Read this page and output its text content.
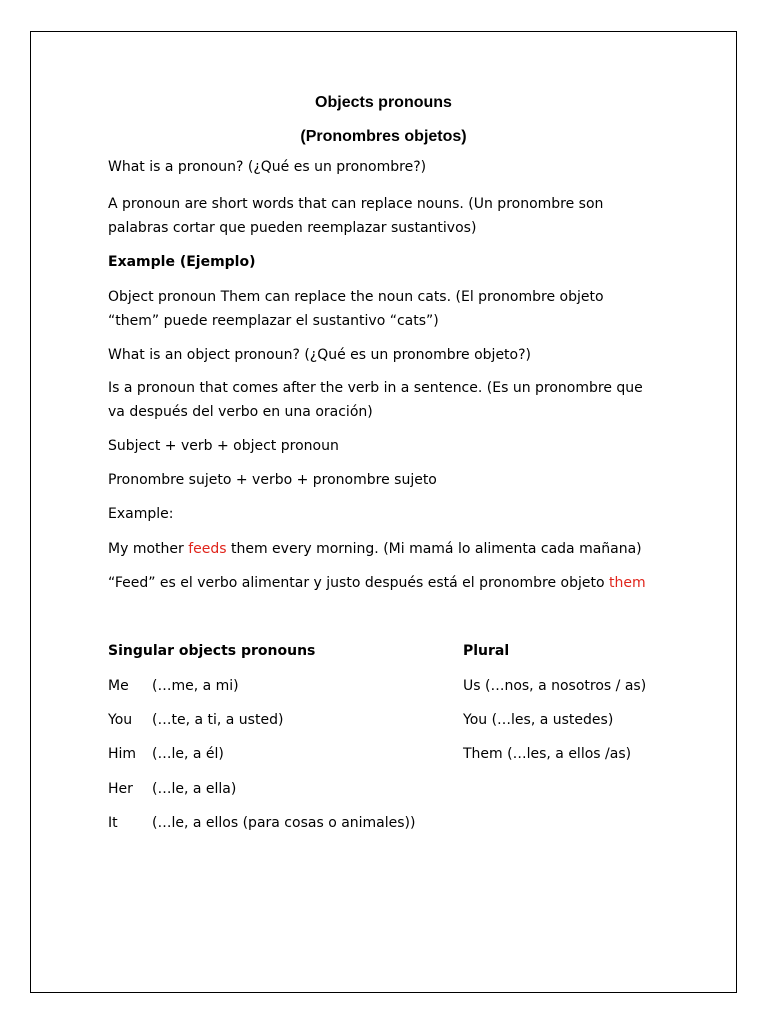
Objects pronouns
(Pronombres objetos)
What is a pronoun? (¿Qué es un pronombre?)
A pronoun are short words that can replace nouns. (Un pronombre son
palabras cortar que pueden reemplazar sustantivos)
Example (Ejemplo)
Object pronoun Them can replace the noun cats. (El pronombre objeto
“them” puede reemplazar el sustantivo “cats”)
What is an object pronoun? (¿Qué es un pronombre objeto?)
Is a pronoun that comes after the verb in a sentence. (Es un pronombre que
va después del verbo en una oración)
Subject + verb + object pronoun
Pronombre sujeto + verbo + pronombre sujeto
Example:
My mother feeds them every morning. (Mi mamá lo alimenta cada mañana)
“Feed” es el verbo alimentar y justo después está el pronombre objeto them
Singular objects pronouns	Plural
Me (…me, a mi)
You (…te, a ti, a usted)
Him (…le, a él)
Her (…le, a ella)
It (…le, a ellos (para cosas o animales))
Us (…nos, a nosotros / as)
You (…les, a ustedes)
Them (…les, a ellos /as)
